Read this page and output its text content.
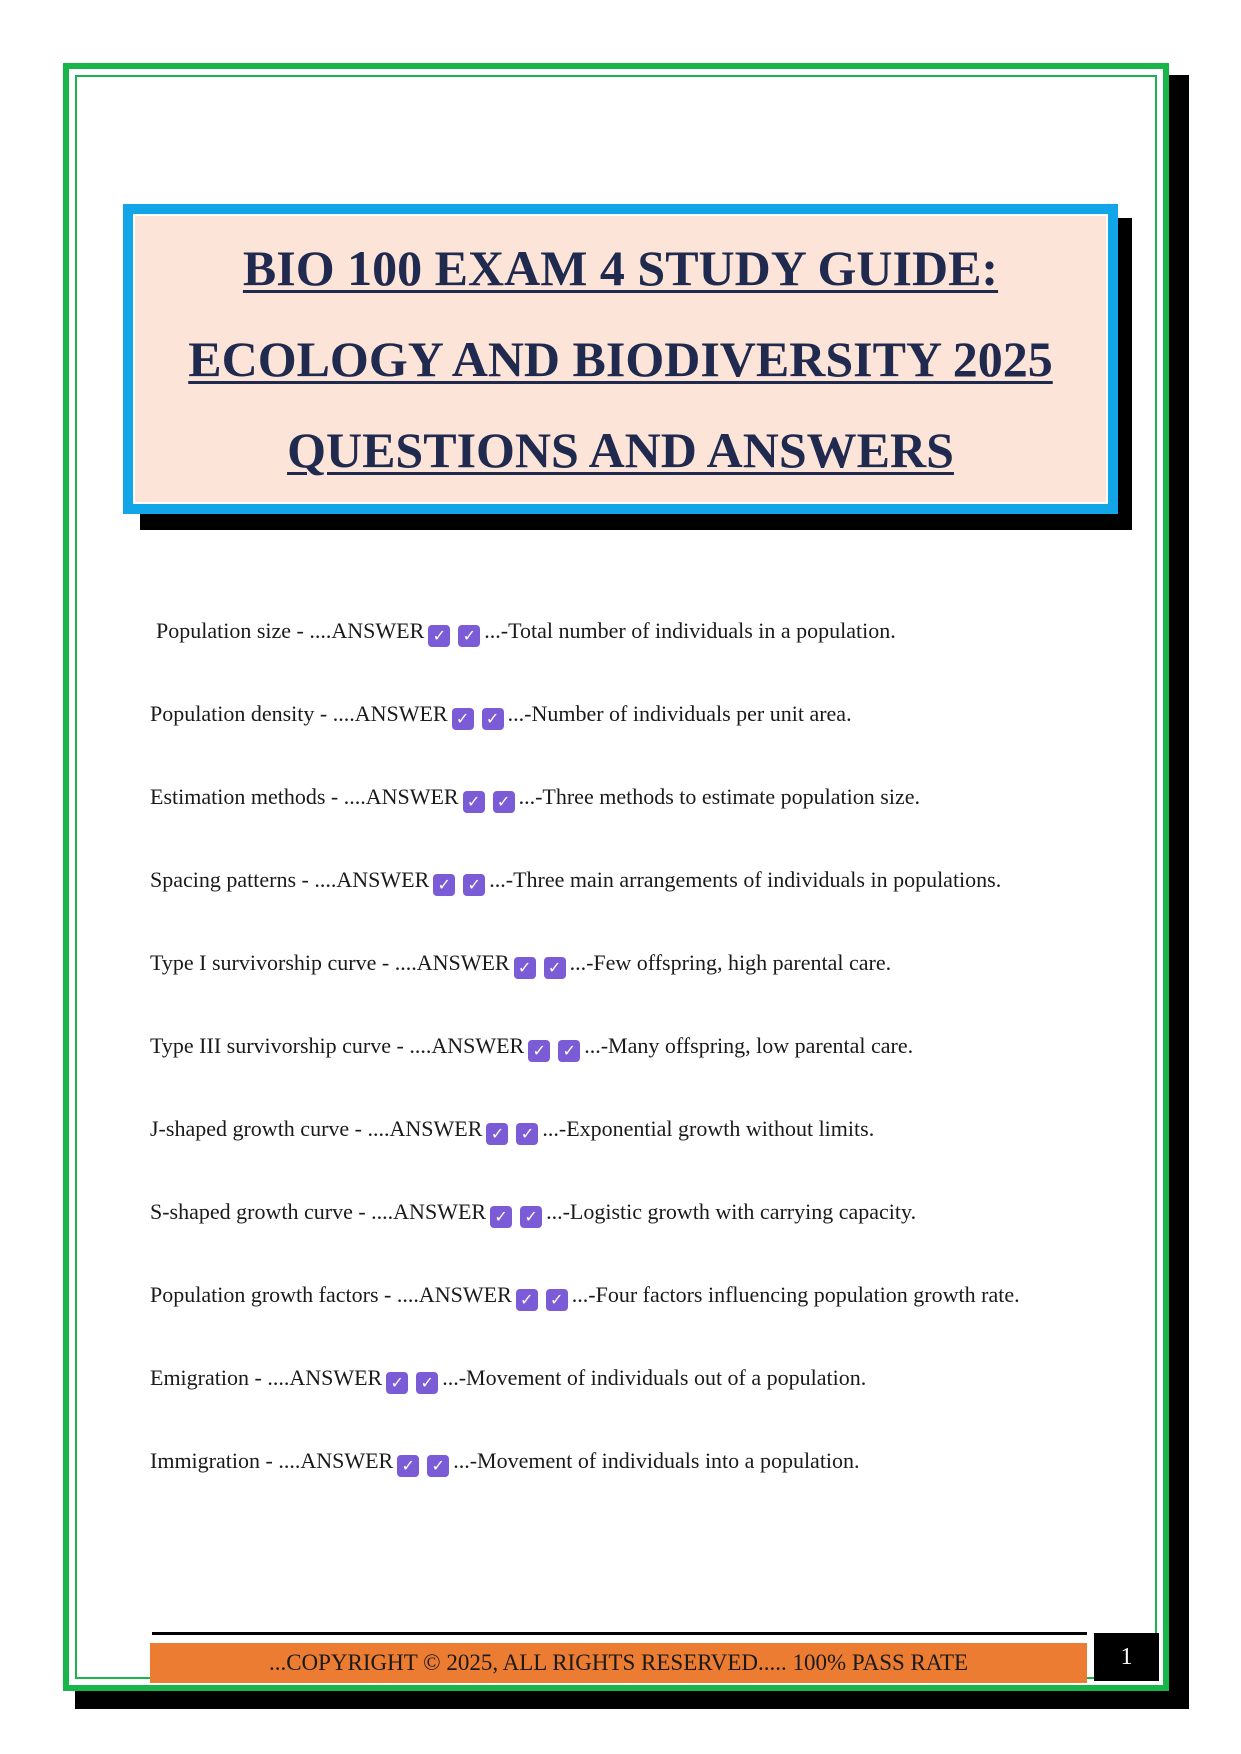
BIO 100 EXAM 4 STUDY GUIDE:
ECOLOGY AND BIODIVERSITY 2025
QUESTIONS AND ANSWERS
Population size - ....ANSWER ✓ ✓ ...-Total number of individuals in a population.
Population density - ....ANSWER ✓ ✓ ...-Number of individuals per unit area.
Estimation methods - ....ANSWER ✓ ✓ ...-Three methods to estimate population size.
Spacing patterns - ....ANSWER ✓ ✓ ...-Three main arrangements of individuals in populations.
Type I survivorship curve - ....ANSWER ✓ ✓ ...-Few offspring, high parental care.
Type III survivorship curve - ....ANSWER ✓ ✓ ...-Many offspring, low parental care.
J-shaped growth curve - ....ANSWER ✓ ✓ ...-Exponential growth without limits.
S-shaped growth curve - ....ANSWER ✓ ✓ ...-Logistic growth with carrying capacity.
Population growth factors - ....ANSWER ✓ ✓ ...-Four factors influencing population growth rate.
Emigration - ....ANSWER ✓ ✓ ...-Movement of individuals out of a population.
Immigration - ....ANSWER ✓ ✓ ...-Movement of individuals into a population.
...COPYRIGHT © 2025, ALL RIGHTS RESERVED..... 100% PASS RATE	1
